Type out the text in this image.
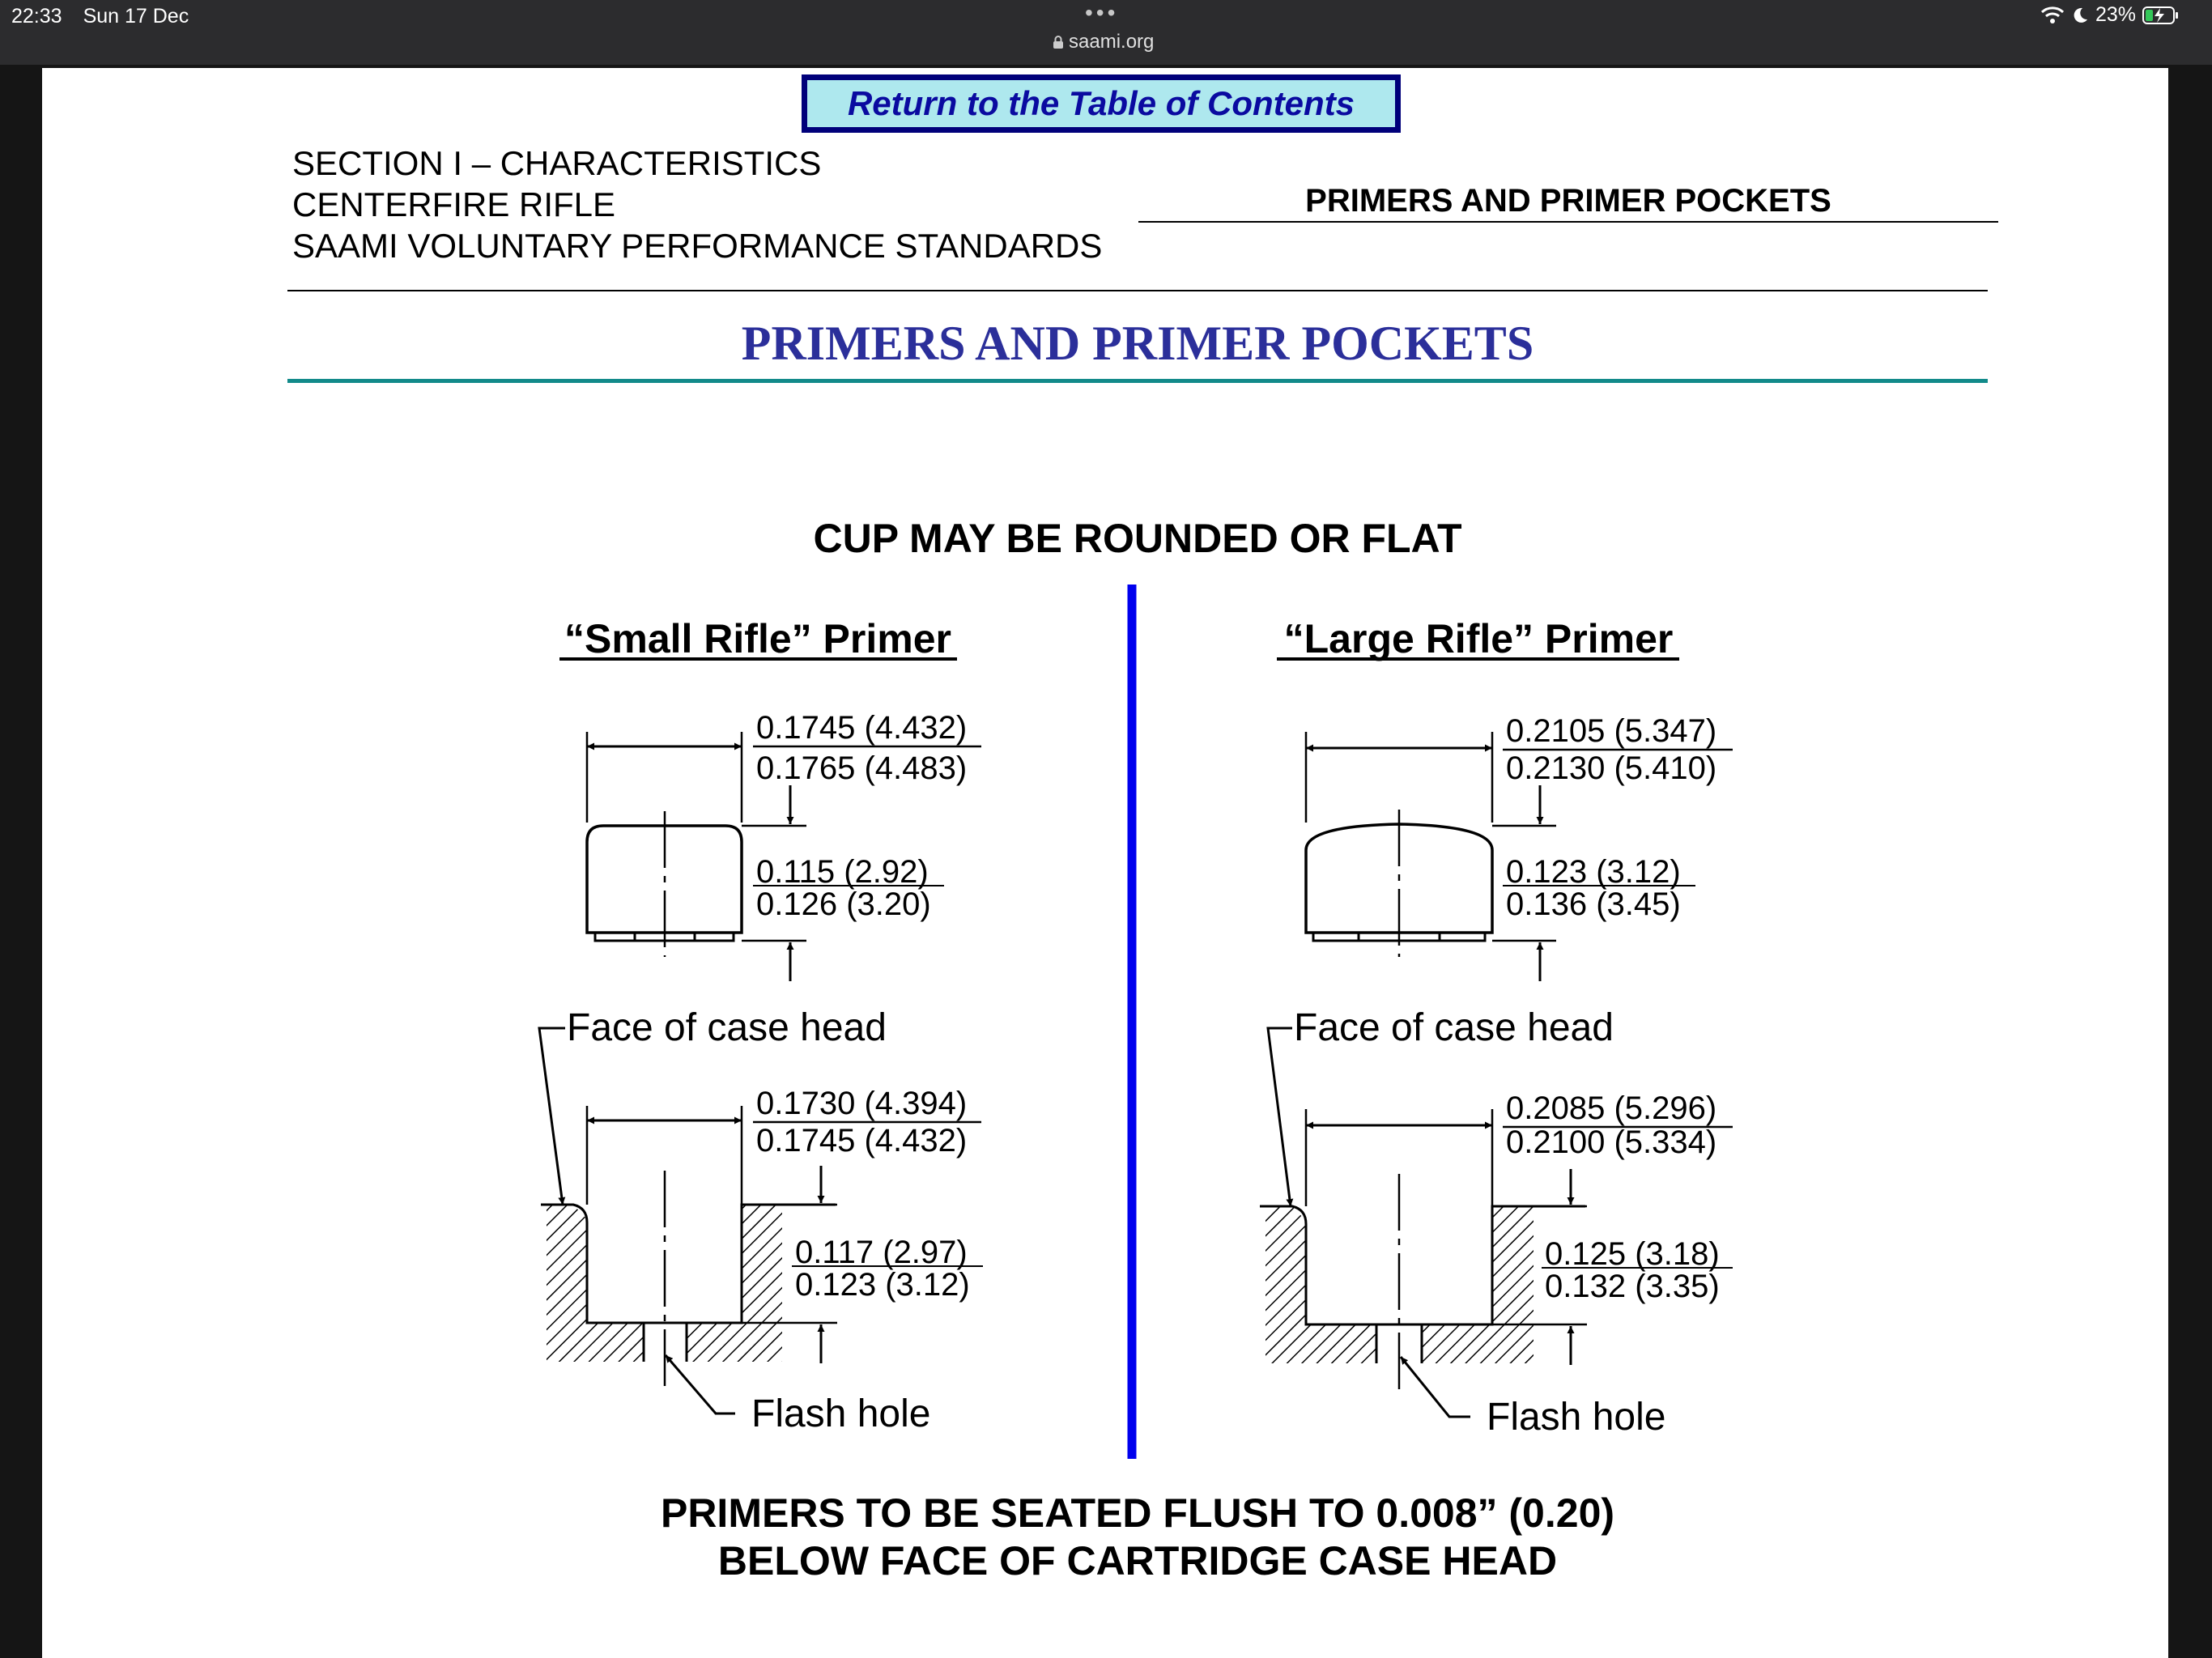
22:33 Sun 17 Dec	•••
saami.org
23%
Return to the Table of Contents
SECTION I – CHARACTERISTICS
CENTERFIRE RIFLE
SAAMI VOLUNTARY PERFORMANCE STANDARDS
PRIMERS AND PRIMER POCKETS
PRIMERS AND PRIMER POCKETS
CUP MAY BE ROUNDED OR FLAT
“Small Rifle” Primer	“Large Rifle” Primer
0.1745 (4.432)
0.1765 (4.483)
0.115 (2.92)
0.126 (3.20)
Face of case head
0.1730 (4.394)
0.1745 (4.432)
0.117 (2.97)
0.123 (3.12)
Flash hole
0.2105 (5.347)
0.2130 (5.410)
0.123 (3.12)
0.136 (3.45)
Face of case head
0.2085 (5.296)
0.2100 (5.334)
0.125 (3.18)
0.132 (3.35)
Flash hole
PRIMERS TO BE SEATED FLUSH TO 0.008” (0.20)
BELOW FACE OF CARTRIDGE CASE HEAD
